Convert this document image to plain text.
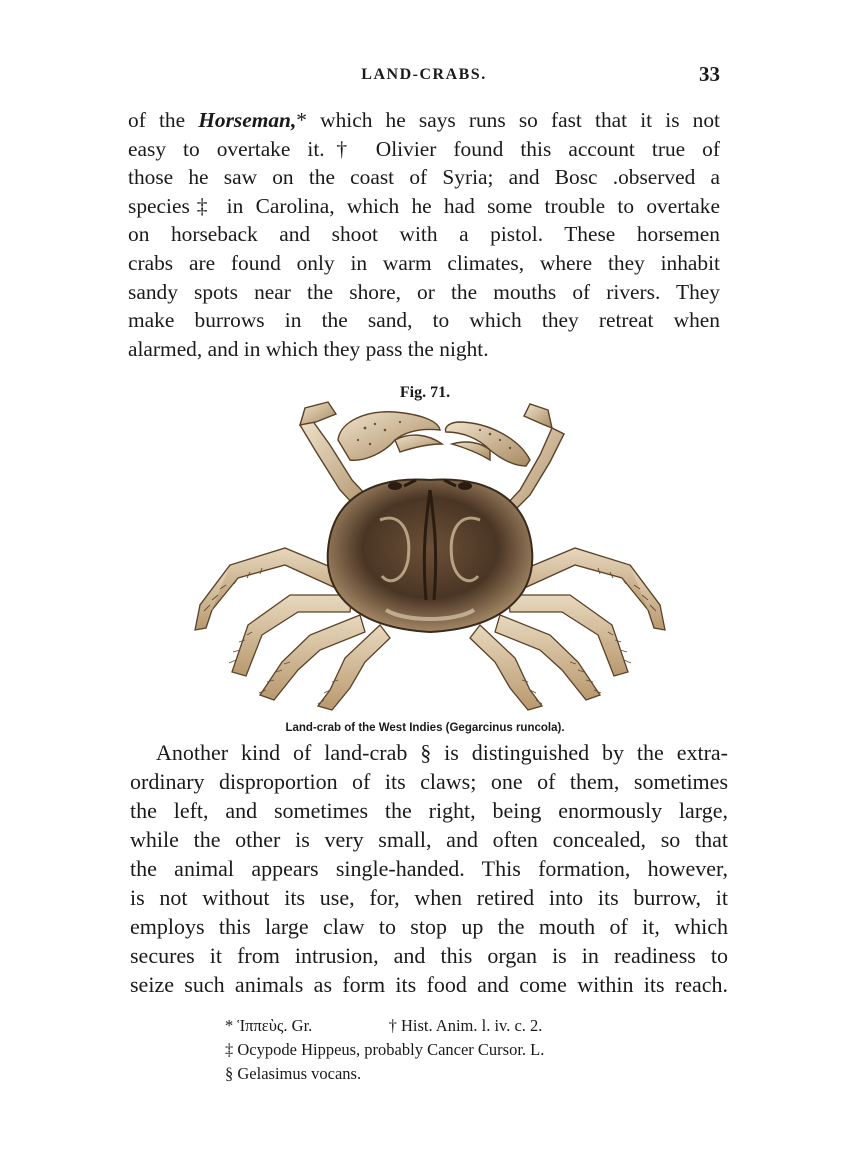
LAND-CRABS.	33
of the Horseman,* which he says runs so fast that it is not
easy to overtake it.† Olivier found this account true of
those he saw on the coast of Syria; and Bosc .observed a
species‡ in Carolina, which he had some trouble to overtake
on horseback and shoot with a pistol. These horsemen
crabs are found only in warm climates, where they inhabit
sandy spots near the shore, or the mouths of rivers. They
make burrows in the sand, to which they retreat when
alarmed, and in which they pass the night.
Fig. 71.
Land-crab of the West Indies (Gegarcinus runcola).
Another kind of land-crab § is distinguished by the extra-
ordinary disproportion of its claws; one of them, sometimes
the left, and sometimes the right, being enormously large,
while the other is very small, and often concealed, so that
the animal appears single-handed. This formation, however,
is not without its use, for, when retired into its burrow, it
employs this large claw to stop up the mouth of it, which
secures it from intrusion, and this organ is in readiness to
seize such animals as form its food and come within its reach.
* Ἱππεὺς. Gr.	† Hist. Anim. l. iv. c. 2.
‡ Ocypode Hippeus, probably Cancer Cursor. L.
§ Gelasimus vocans.
